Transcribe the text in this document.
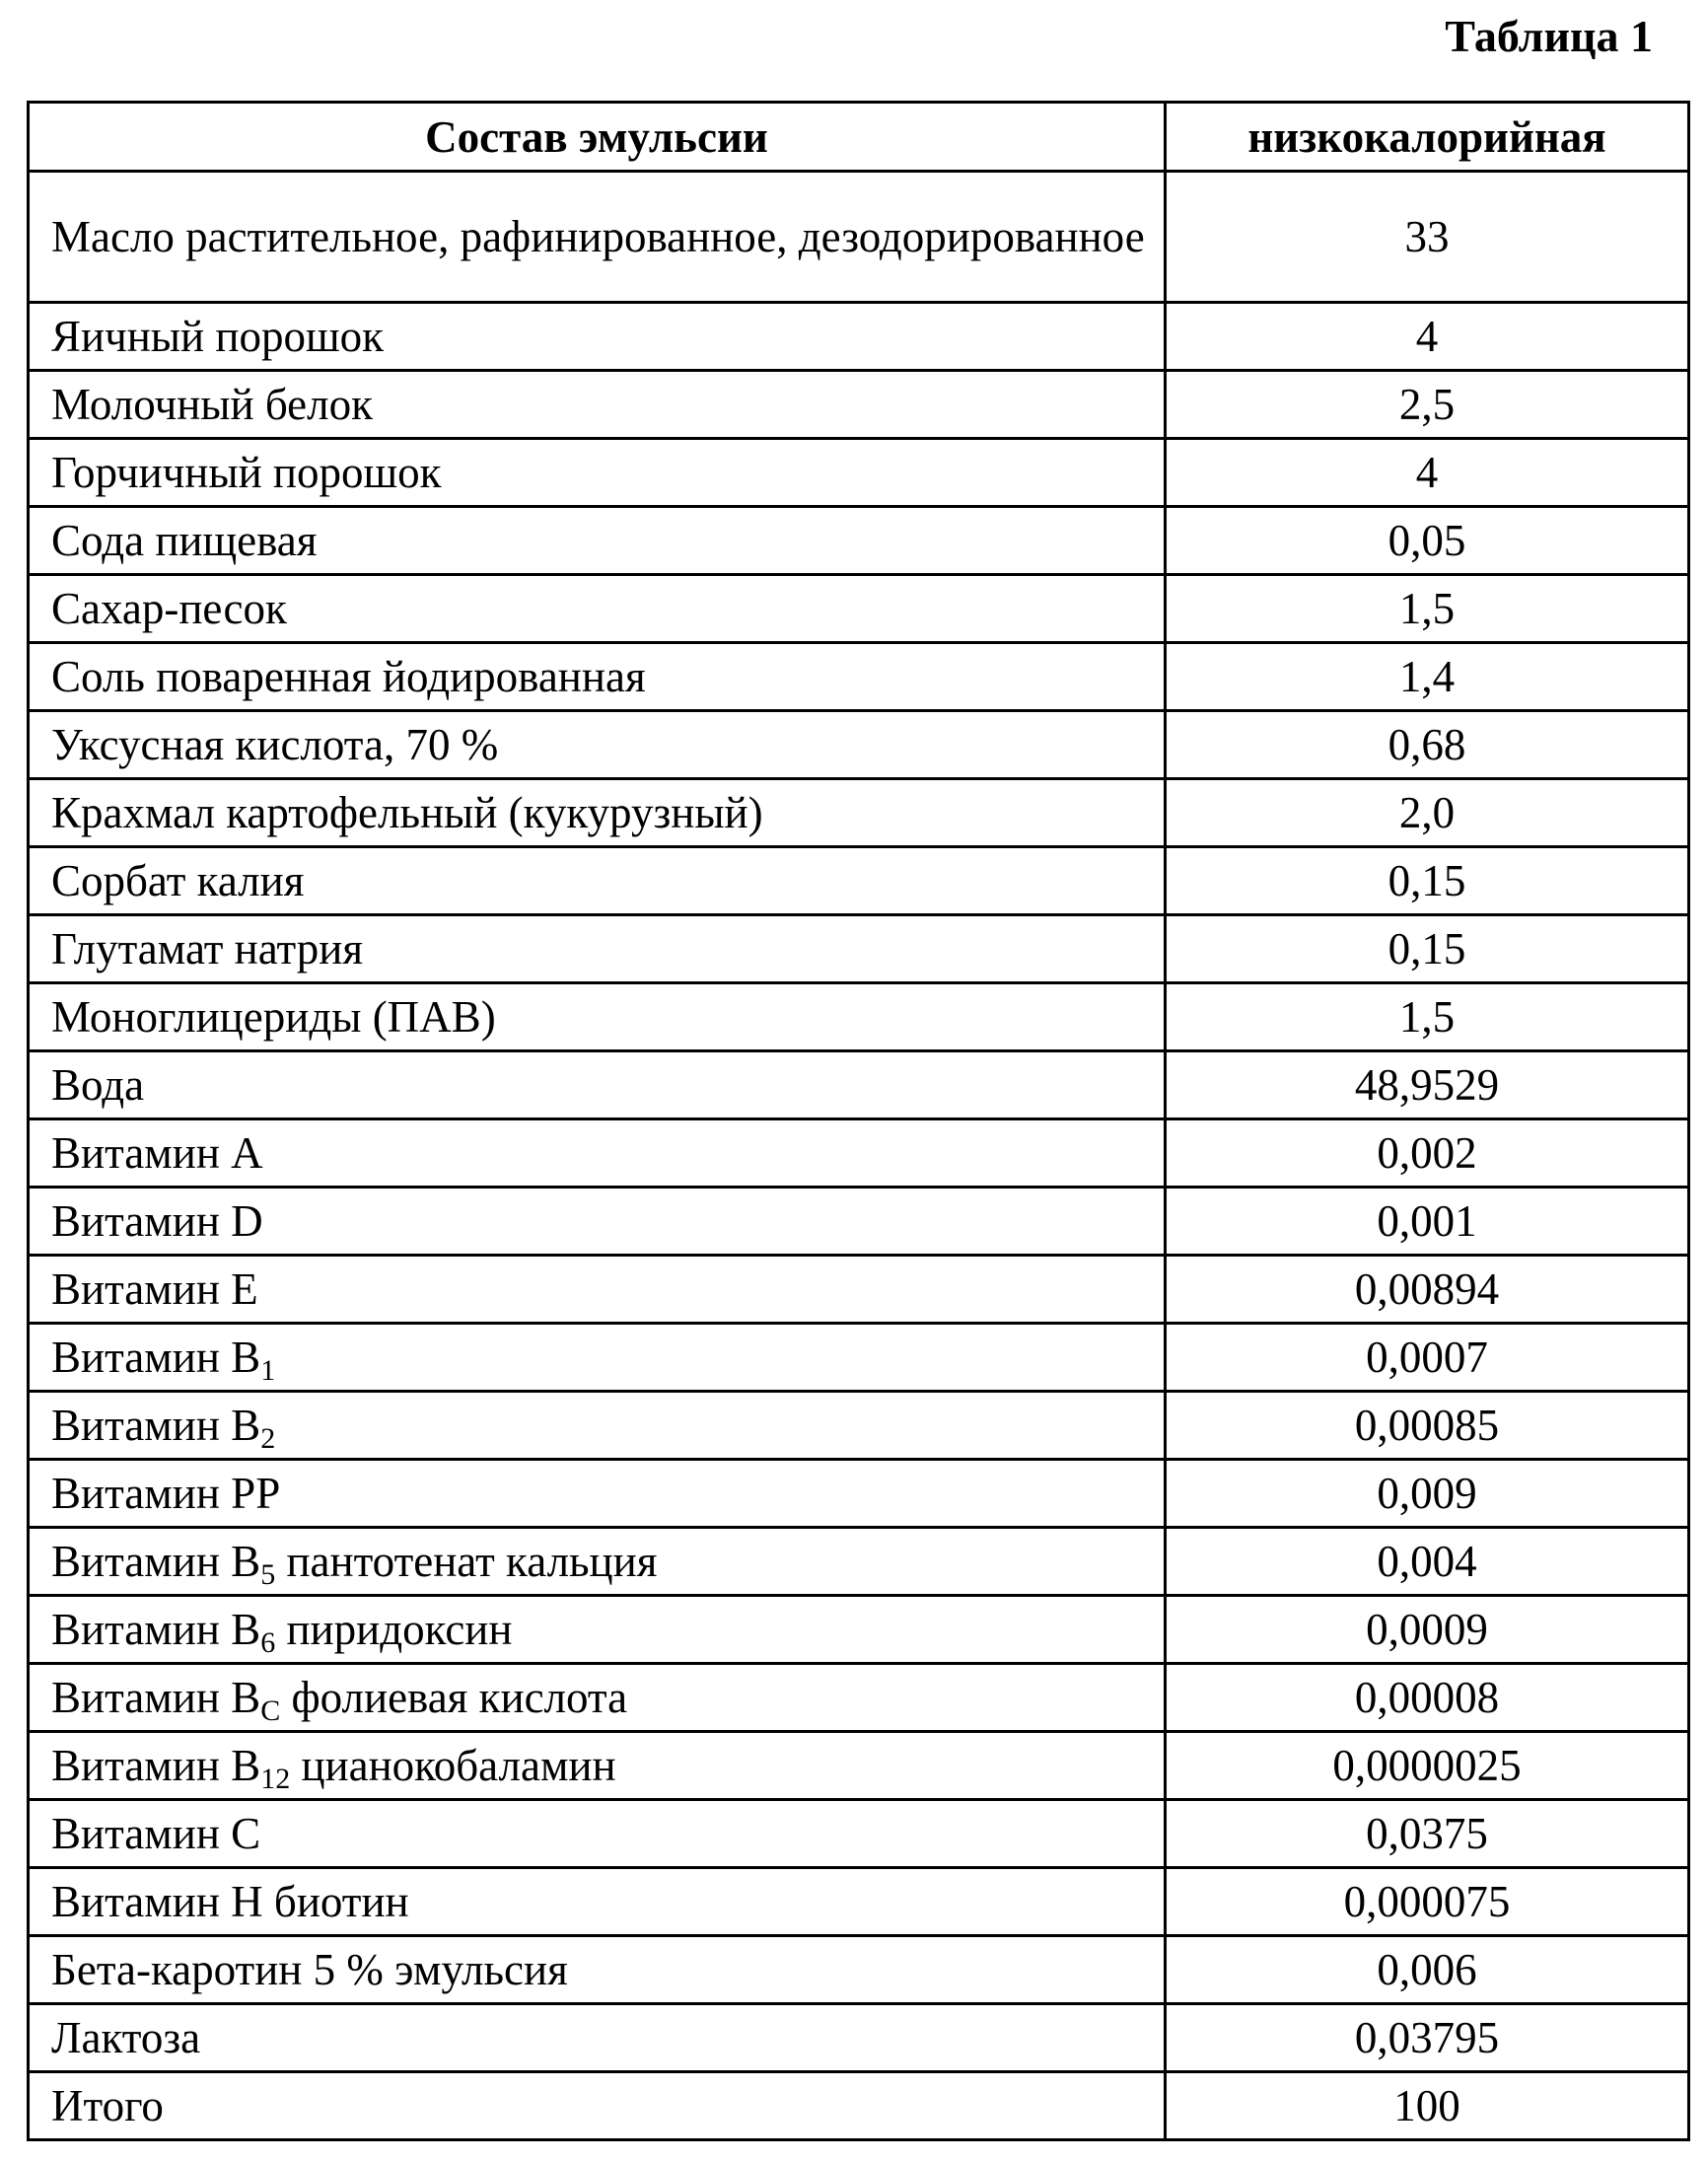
Таблица 1
Состав эмульсии	низкокалорийная
Масло растительное, рафинированное, дезодорированное	33
Яичный порошок	4
Молочный белок	2,5
Горчичный порошок	4
Сода пищевая	0,05
Сахар-песок	1,5
Соль поваренная йодированная	1,4
Уксусная кислота, 70 %	0,68
Крахмал картофельный (кукурузный)	2,0
Сорбат калия	0,15
Глутамат натрия	0,15
Моноглицериды (ПАВ)	1,5
Вода	48,9529
Витамин A	0,002
Витамин D	0,001
Витамин E	0,00894
Витамин B1	0,0007
Витамин B2	0,00085
Витамин PP	0,009
Витамин B5 пантотенат кальция	0,004
Витамин B6 пиридоксин	0,0009
Витамин BC фолиевая кислота	0,00008
Витамин B12 цианокобаламин	0,0000025
Витамин C	0,0375
Витамин H биотин	0,000075
Бета-каротин 5 % эмульсия	0,006
Лактоза	0,03795
Итого	100
